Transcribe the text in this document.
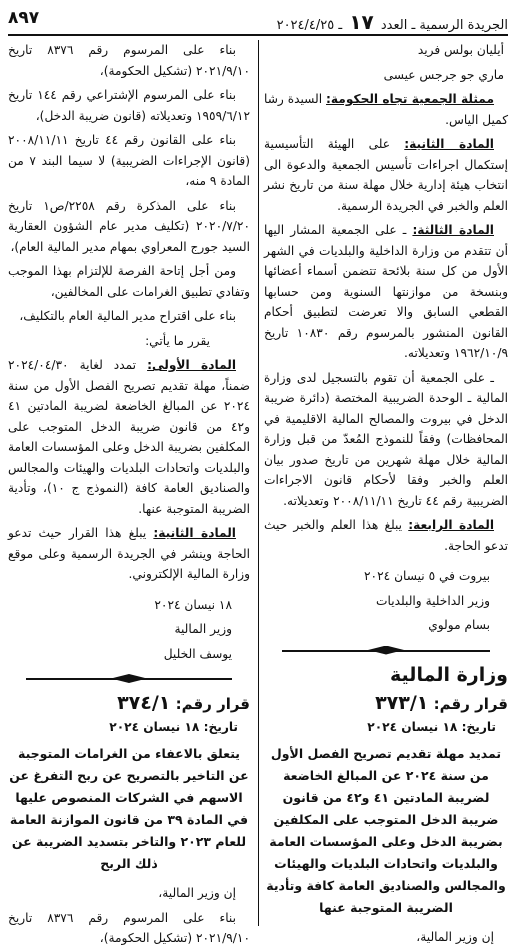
٨٩٧	الجريدة الرسمية ـ العدد ١٧ ـ ٢٠٢٤/٤/٢٥

أيليان بولس فريد

ماري جو جرجس عيسى

ممثلة الجمعية تجاه الحكومة: السيدة رشا كميل الياس.

المادة الثانية: على الهيئة التأسيسية إستكمال اجراءات تأسيس الجمعية والدعوة الى انتخاب هيئة إدارية خلال مهلة سنة من تاريخ نشر العلم والخبر في الجريدة الرسمية.

المادة الثالثة: ـ على الجمعية المشار اليها أن تتقدم من وزارة الداخلية والبلديات في الشهر الأول من كل سنة بلائحة تتضمن أسماء أعضائها وبنسخة من موازنتها السنوية ومن حسابها القطعي السابق والا تعرضت لتطبيق أحكام القانون المنشور بالمرسوم رقم ١٠٨٣٠ تاريخ ١٩٦٢/١٠/٩ وتعديلاته.

ـ على الجمعية أن تقوم بالتسجيل لدى وزارة المالية ـ الوحدة الضريبية المختصة (دائرة ضريبة الدخل في بيروت والمصالح المالية الاقليمية في المحافظات) وفقاً للنموذج المُعدّ من قبل وزارة المالية خلال مهلة شهرين من تاريخ صدور بيان العلم والخبر وفقا لأحكام قانون الاجراءات الضريبية رقم ٤٤ تاريخ ٢٠٠٨/١١/١١ وتعديلاته.

المادة الرابعة: يبلغ هذا العلم والخبر حيث تدعو الحاجة.

بيروت في ٥ نيسان ٢٠٢٤

وزير الداخلية والبلديات

بسام مولوي

وزارة المالية

قرار رقم: ٣٧٣/١

تاريخ: ١٨ نيسان ٢٠٢٤

تمديد مهلة تقديم تصريح الفصل الأول من سنة ٢٠٢٤ عن المبالغ الخاضعة لضريبة المادتين ٤١ و٤٢ من قانون ضريبة الدخل المتوجب على المكلفين بضريبة الدخل وعلى المؤسسات العامة والبلديات واتحادات البلديات والهيئات والمجالس والصناديق العامة كافة وتأدية الضريبة المتوجبة عنها

إن وزير المالية،

بناء على المرسوم رقم ٨٣٧٦ تاريخ ٢٠٢١/٩/١٠ (تشكيل الحكومة)،

بناء على المرسوم الإشتراعي رقم ١٤٤ تاريخ ١٩٥٩/٦/١٢ وتعديلاته (قانون ضريبة الدخل)،

بناء على القانون رقم ٤٤ تاريخ ٢٠٠٨/١١/١١ (قانون الإجراءات الضريبية) لا سيما البند ٧ من المادة ٩ منه،

بناء على المذكرة رقم ٢٢٥٨/ص١ تاريخ ٢٠٢٠/٧/٢٠ (تكليف مدير عام الشؤون العقارية السيد جورج المعراوي بمهام مدير المالية العام)،

ومن أجل إتاحة الفرصة للإلتزام بهذا الموجب وتفادي تطبيق الغرامات على المخالفين،

بناء على اقتراح مدير المالية العام بالتكليف،

يقرر ما يأتي:

المادة الأولى: تمدد لغاية ٢٠٢٤/٠٤/٣٠ ضمناً، مهلة تقديم تصريح الفصل الأول من سنة ٢٠٢٤ عن المبالغ الخاضعة لضريبة المادتين ٤١ و٤٢ من قانون ضريبة الدخل المتوجب على المكلفين بضريبة الدخل وعلى المؤسسات العامة والبلديات واتحادات البلديات والهيئات والمجالس والصناديق العامة كافة (النموذج ج ١٠)، وتأدية الضريبة المتوجبة عنها.

المادة الثانية: يبلغ هذا القرار حيث تدعو الحاجة وينشر في الجريدة الرسمية وعلى موقع وزارة المالية الإلكتروني.

١٨ نيسان ٢٠٢٤

وزير المالية

يوسف الخليل

قرار رقم: ٣٧٤/١

تاريخ: ١٨ نيسان ٢٠٢٤

يتعلق بالاعفاء من الغرامات المتوجبة عن التاخير بالتصريح عن ربح التفرغ عن الاسهم في الشركات المنصوص عليها في المادة ٣٩ من قانون الموازنة العامة للعام ٢٠٢٣ والتاخر بتسديد الضريبة عن ذلك الربح

إن وزير المالية،

بناء على المرسوم رقم ٨٣٧٦ تاريخ ٢٠٢١/٩/١٠ (تشكيل الحكومة)،
